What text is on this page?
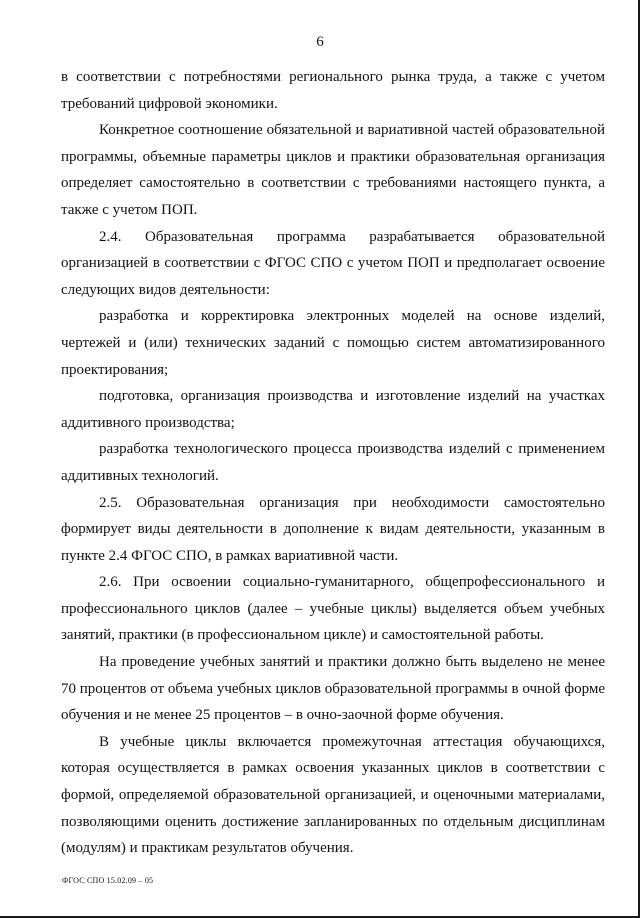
6

в соответствии с потребностями регионального рынка труда, а также с учетом требований цифровой экономики.

Конкретное соотношение обязательной и вариативной частей образовательной программы, объемные параметры циклов и практики образовательная организация определяет самостоятельно в соответствии с требованиями настоящего пункта, а также с учетом ПОП.

2.4. Образовательная программа разрабатывается образовательной организацией в соответствии с ФГОС СПО с учетом ПОП и предполагает освоение следующих видов деятельности:

разработка и корректировка электронных моделей на основе изделий, чертежей и (или) технических заданий с помощью систем автоматизированного проектирования;

подготовка, организация производства и изготовление изделий на участках аддитивного производства;

разработка технологического процесса производства изделий с применением аддитивных технологий.

2.5. Образовательная организация при необходимости самостоятельно формирует виды деятельности в дополнение к видам деятельности, указанным в пункте 2.4 ФГОС СПО, в рамках вариативной части.

2.6. При освоении социально-гуманитарного, общепрофессионального и профессионального циклов (далее – учебные циклы) выделяется объем учебных занятий, практики (в профессиональном цикле) и самостоятельной работы.

На проведение учебных занятий и практики должно быть выделено не менее 70 процентов от объема учебных циклов образовательной программы в очной форме обучения и не менее 25 процентов – в очно-заочной форме обучения.

В учебные циклы включается промежуточная аттестация обучающихся, которая осуществляется в рамках освоения указанных циклов в соответствии с формой, определяемой образовательной организацией, и оценочными материалами, позволяющими оценить достижение запланированных по отдельным дисциплинам (модулям) и практикам результатов обучения.

ФГОС СПО 15.02.09 – 05
